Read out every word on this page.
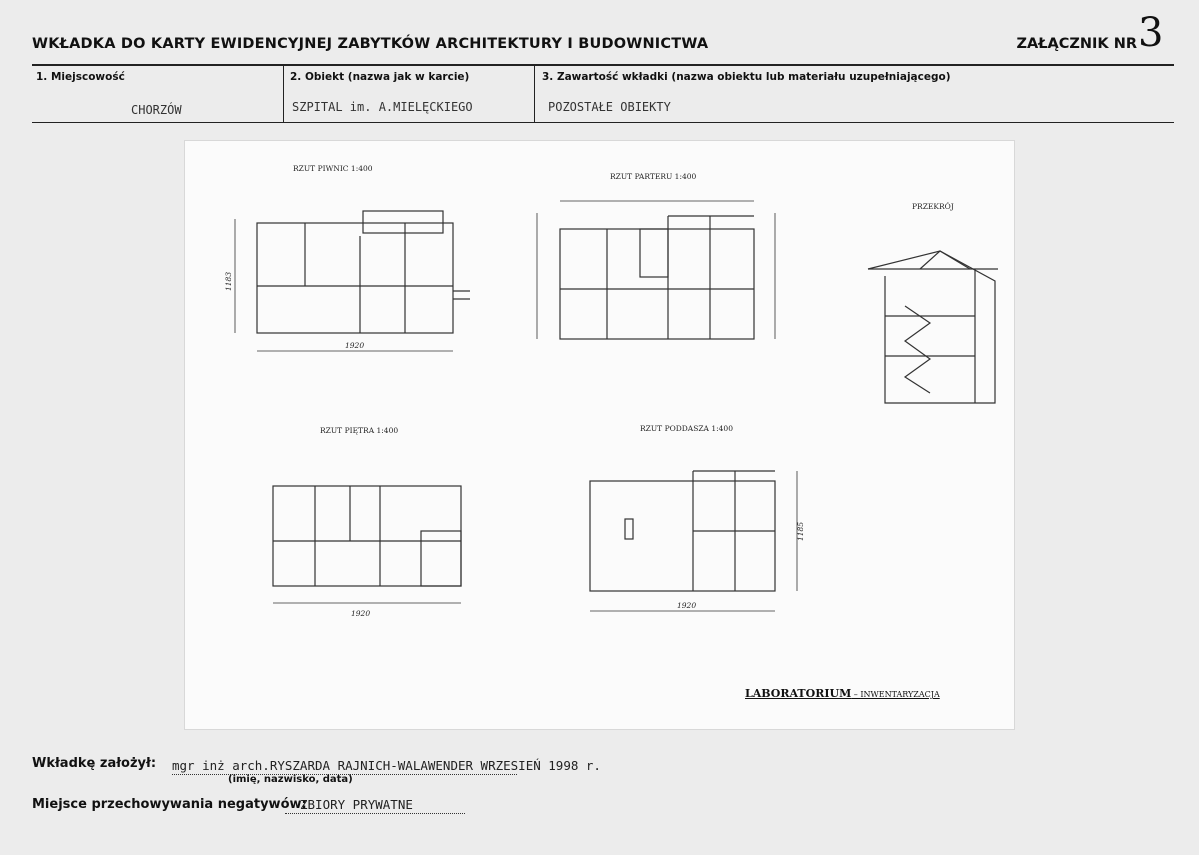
WKŁADKA DO KARTY EWIDENCYJNEJ ZABYTKÓW ARCHITEKTURY I BUDOWNICTWA	ZAŁĄCZNIK NR 3
1. Miejscowość	2. Obiekt (nazwa jak w karcie)	3. Zawartość wkładki (nazwa obiektu lub materiału uzupełniającego)
CHORZÓW	SZPITAL im. A.MIELĘCKIEGO	POZOSTAŁE OBIEKTY
RZUT PIWNIC 1:400
RZUT PARTERU 1:400
PRZEKRÓJ
RZUT PIĘTRA 1:400	RZUT PODDASZA 1:400
1920
1183
1920
1920
1185
LABORATORIUM – INWENTARYZACJA
Wkładkę założył: mgr inż arch.RYSZARDA RAJNICH-WALAWENDER WRZESIEŃ 1998 r.
(imię, nazwisko, data)
Miejsce przechowywania negatywów:
ZBIORY PRYWATNE
